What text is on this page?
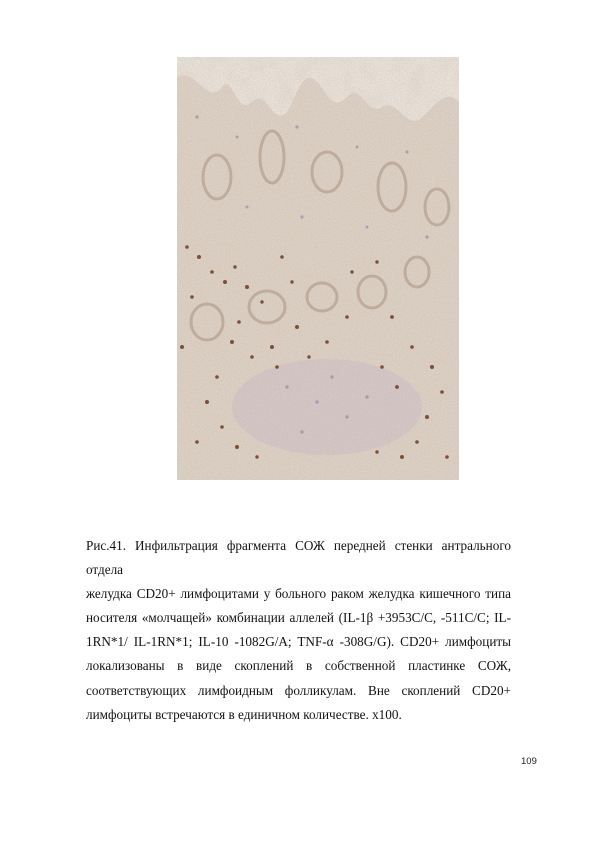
Рис.41. Инфильтрация фрагмента СОЖ передней стенки антрального отдела
желудка CD20+ лимфоцитами у больного раком желудка кишечного типа
носителя «молчащей» комбинации аллелей (IL-1β +3953C/C, -511C/C; IL-
1RN*1/ IL-1RN*1; IL-10 -1082G/A; TNF-α -308G/G). CD20+ лимфоциты
локализованы в виде скоплений в собственной пластинке СОЖ,
соответствующих лимфоидным фолликулам. Вне скоплений CD20+
лимфоциты встречаются в единичном количестве. x100.

109
